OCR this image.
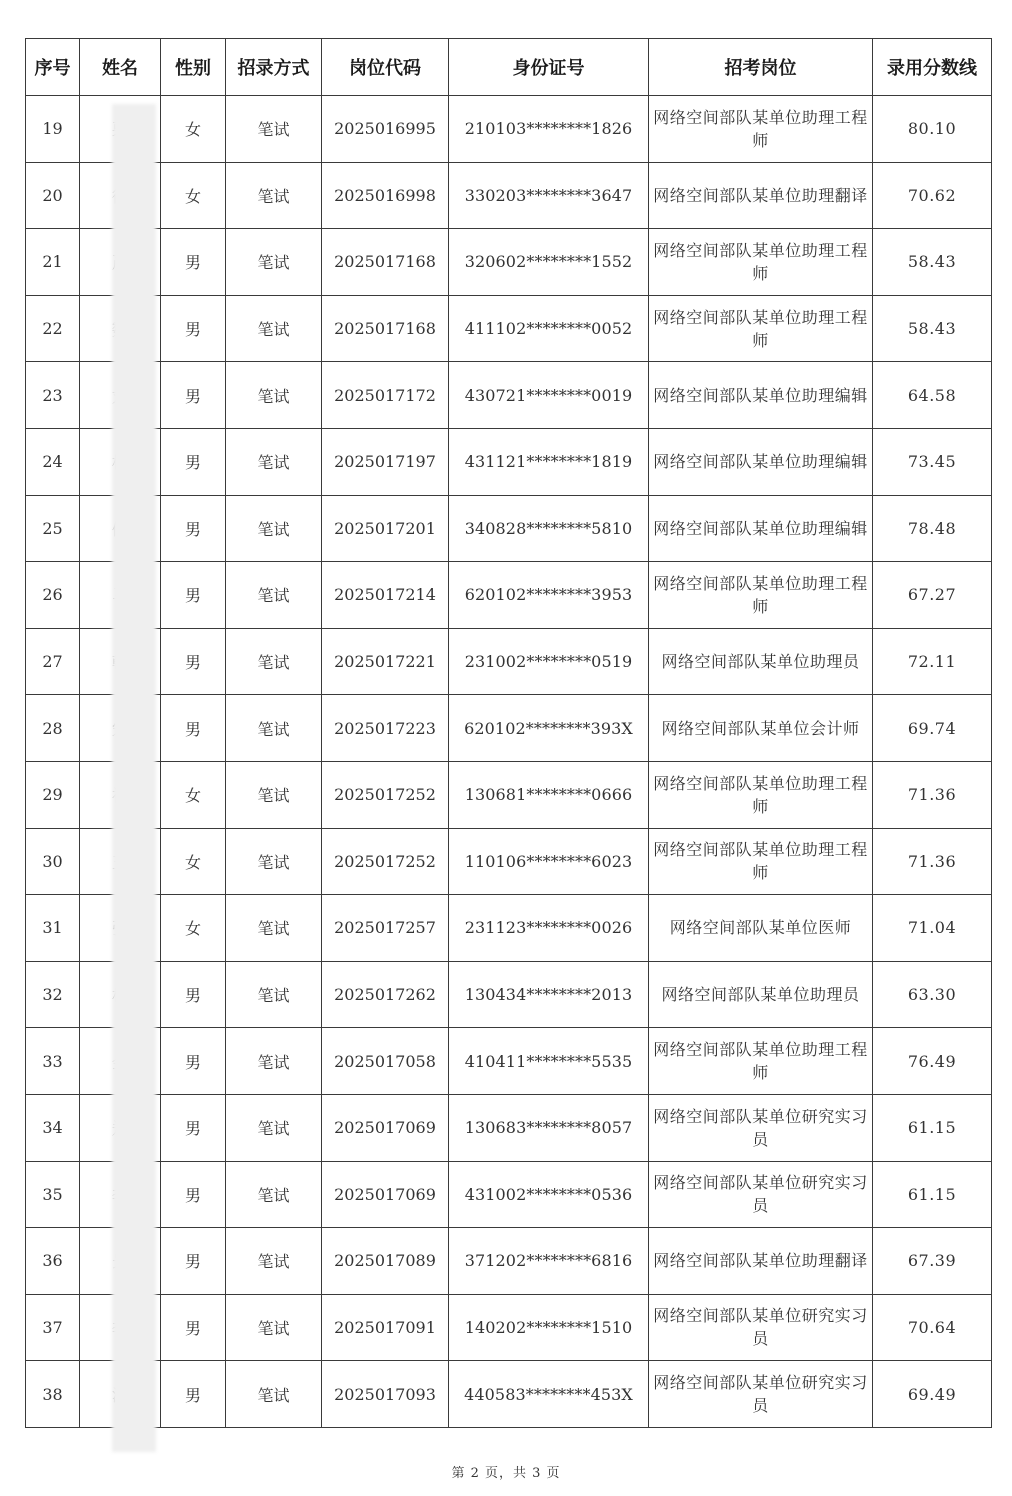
序号	姓名	性别	招录方式	岗位代码	身份证号	招考岗位	录用分数线
19		女	笔试	2025016995	210103********1826	网络空间部队某单位助理工程师	80.10
20		女	笔试	2025016998	330203********3647	网络空间部队某单位助理翻译	70.62
21		男	笔试	2025017168	320602********1552	网络空间部队某单位助理工程师	58.43
22		男	笔试	2025017168	411102********0052	网络空间部队某单位助理工程师	58.43
23		男	笔试	2025017172	430721********0019	网络空间部队某单位助理编辑	64.58
24		男	笔试	2025017197	431121********1819	网络空间部队某单位助理编辑	73.45
25		男	笔试	2025017201	340828********5810	网络空间部队某单位助理编辑	78.48
26		男	笔试	2025017214	620102********3953	网络空间部队某单位助理工程师	67.27
27		男	笔试	2025017221	231002********0519	网络空间部队某单位助理员	72.11
28		男	笔试	2025017223	620102********393X	网络空间部队某单位会计师	69.74
29		女	笔试	2025017252	130681********0666	网络空间部队某单位助理工程师	71.36
30		女	笔试	2025017252	110106********6023	网络空间部队某单位助理工程师	71.36
31		女	笔试	2025017257	231123********0026	网络空间部队某单位医师	71.04
32		男	笔试	2025017262	130434********2013	网络空间部队某单位助理员	63.30
33		男	笔试	2025017058	410411********5535	网络空间部队某单位助理工程师	76.49
34		男	笔试	2025017069	130683********8057	网络空间部队某单位研究实习员	61.15
35		男	笔试	2025017069	431002********0536	网络空间部队某单位研究实习员	61.15
36		男	笔试	2025017089	371202********6816	网络空间部队某单位助理翻译	67.39
37		男	笔试	2025017091	140202********1510	网络空间部队某单位研究实习员	70.64
38		男	笔试	2025017093	440583********453X	网络空间部队某单位研究实习员	69.49
第 2 页，共 3 页
